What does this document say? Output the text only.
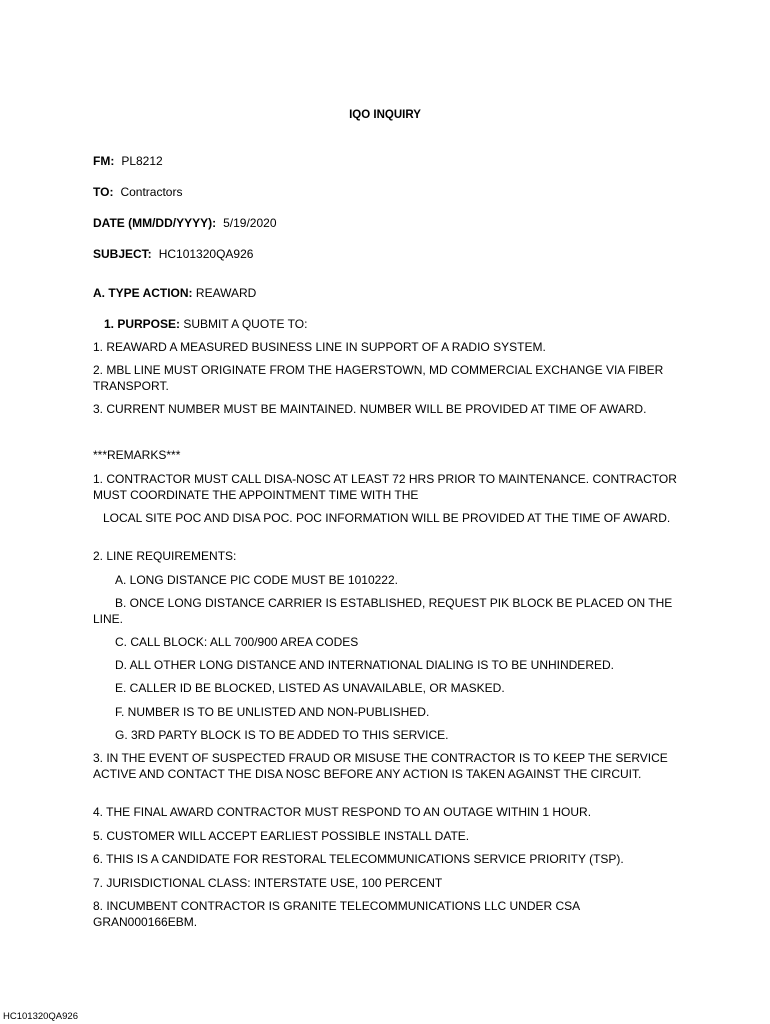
IQO INQUIRY
FM: PL8212
TO: Contractors
DATE (MM/DD/YYYY): 5/19/2020
SUBJECT: HC101320QA926
A. TYPE ACTION: REAWARD
1. PURPOSE: SUBMIT A QUOTE TO:
1. REAWARD A MEASURED BUSINESS LINE IN SUPPORT OF A RADIO SYSTEM.
2. MBL LINE MUST ORIGINATE FROM THE HAGERSTOWN, MD COMMERCIAL EXCHANGE VIA FIBER TRANSPORT.
3. CURRENT NUMBER MUST BE MAINTAINED. NUMBER WILL BE PROVIDED AT TIME OF AWARD.
***REMARKS***
1. CONTRACTOR MUST CALL DISA-NOSC AT LEAST 72 HRS PRIOR TO MAINTENANCE. CONTRACTOR MUST COORDINATE THE APPOINTMENT TIME WITH THE
LOCAL SITE POC AND DISA POC. POC INFORMATION WILL BE PROVIDED AT THE TIME OF AWARD.
2. LINE REQUIREMENTS:
A. LONG DISTANCE PIC CODE MUST BE 1010222.
B. ONCE LONG DISTANCE CARRIER IS ESTABLISHED, REQUEST PIK BLOCK BE PLACED ON THE LINE.
C. CALL BLOCK: ALL 700/900 AREA CODES
D. ALL OTHER LONG DISTANCE AND INTERNATIONAL DIALING IS TO BE UNHINDERED.
E. CALLER ID BE BLOCKED, LISTED AS UNAVAILABLE, OR MASKED.
F. NUMBER IS TO BE UNLISTED AND NON-PUBLISHED.
G. 3RD PARTY BLOCK IS TO BE ADDED TO THIS SERVICE.
3. IN THE EVENT OF SUSPECTED FRAUD OR MISUSE THE CONTRACTOR IS TO KEEP THE SERVICE ACTIVE AND CONTACT THE DISA NOSC BEFORE ANY ACTION IS TAKEN AGAINST THE CIRCUIT.
4. THE FINAL AWARD CONTRACTOR MUST RESPOND TO AN OUTAGE WITHIN 1 HOUR.
5. CUSTOMER WILL ACCEPT EARLIEST POSSIBLE INSTALL DATE.
6. THIS IS A CANDIDATE FOR RESTORAL TELECOMMUNICATIONS SERVICE PRIORITY (TSP).
7. JURISDICTIONAL CLASS: INTERSTATE USE, 100 PERCENT
8. INCUMBENT CONTRACTOR IS GRANITE TELECOMMUNICATIONS LLC UNDER CSA GRAN000166EBM.
HC101320QA926
